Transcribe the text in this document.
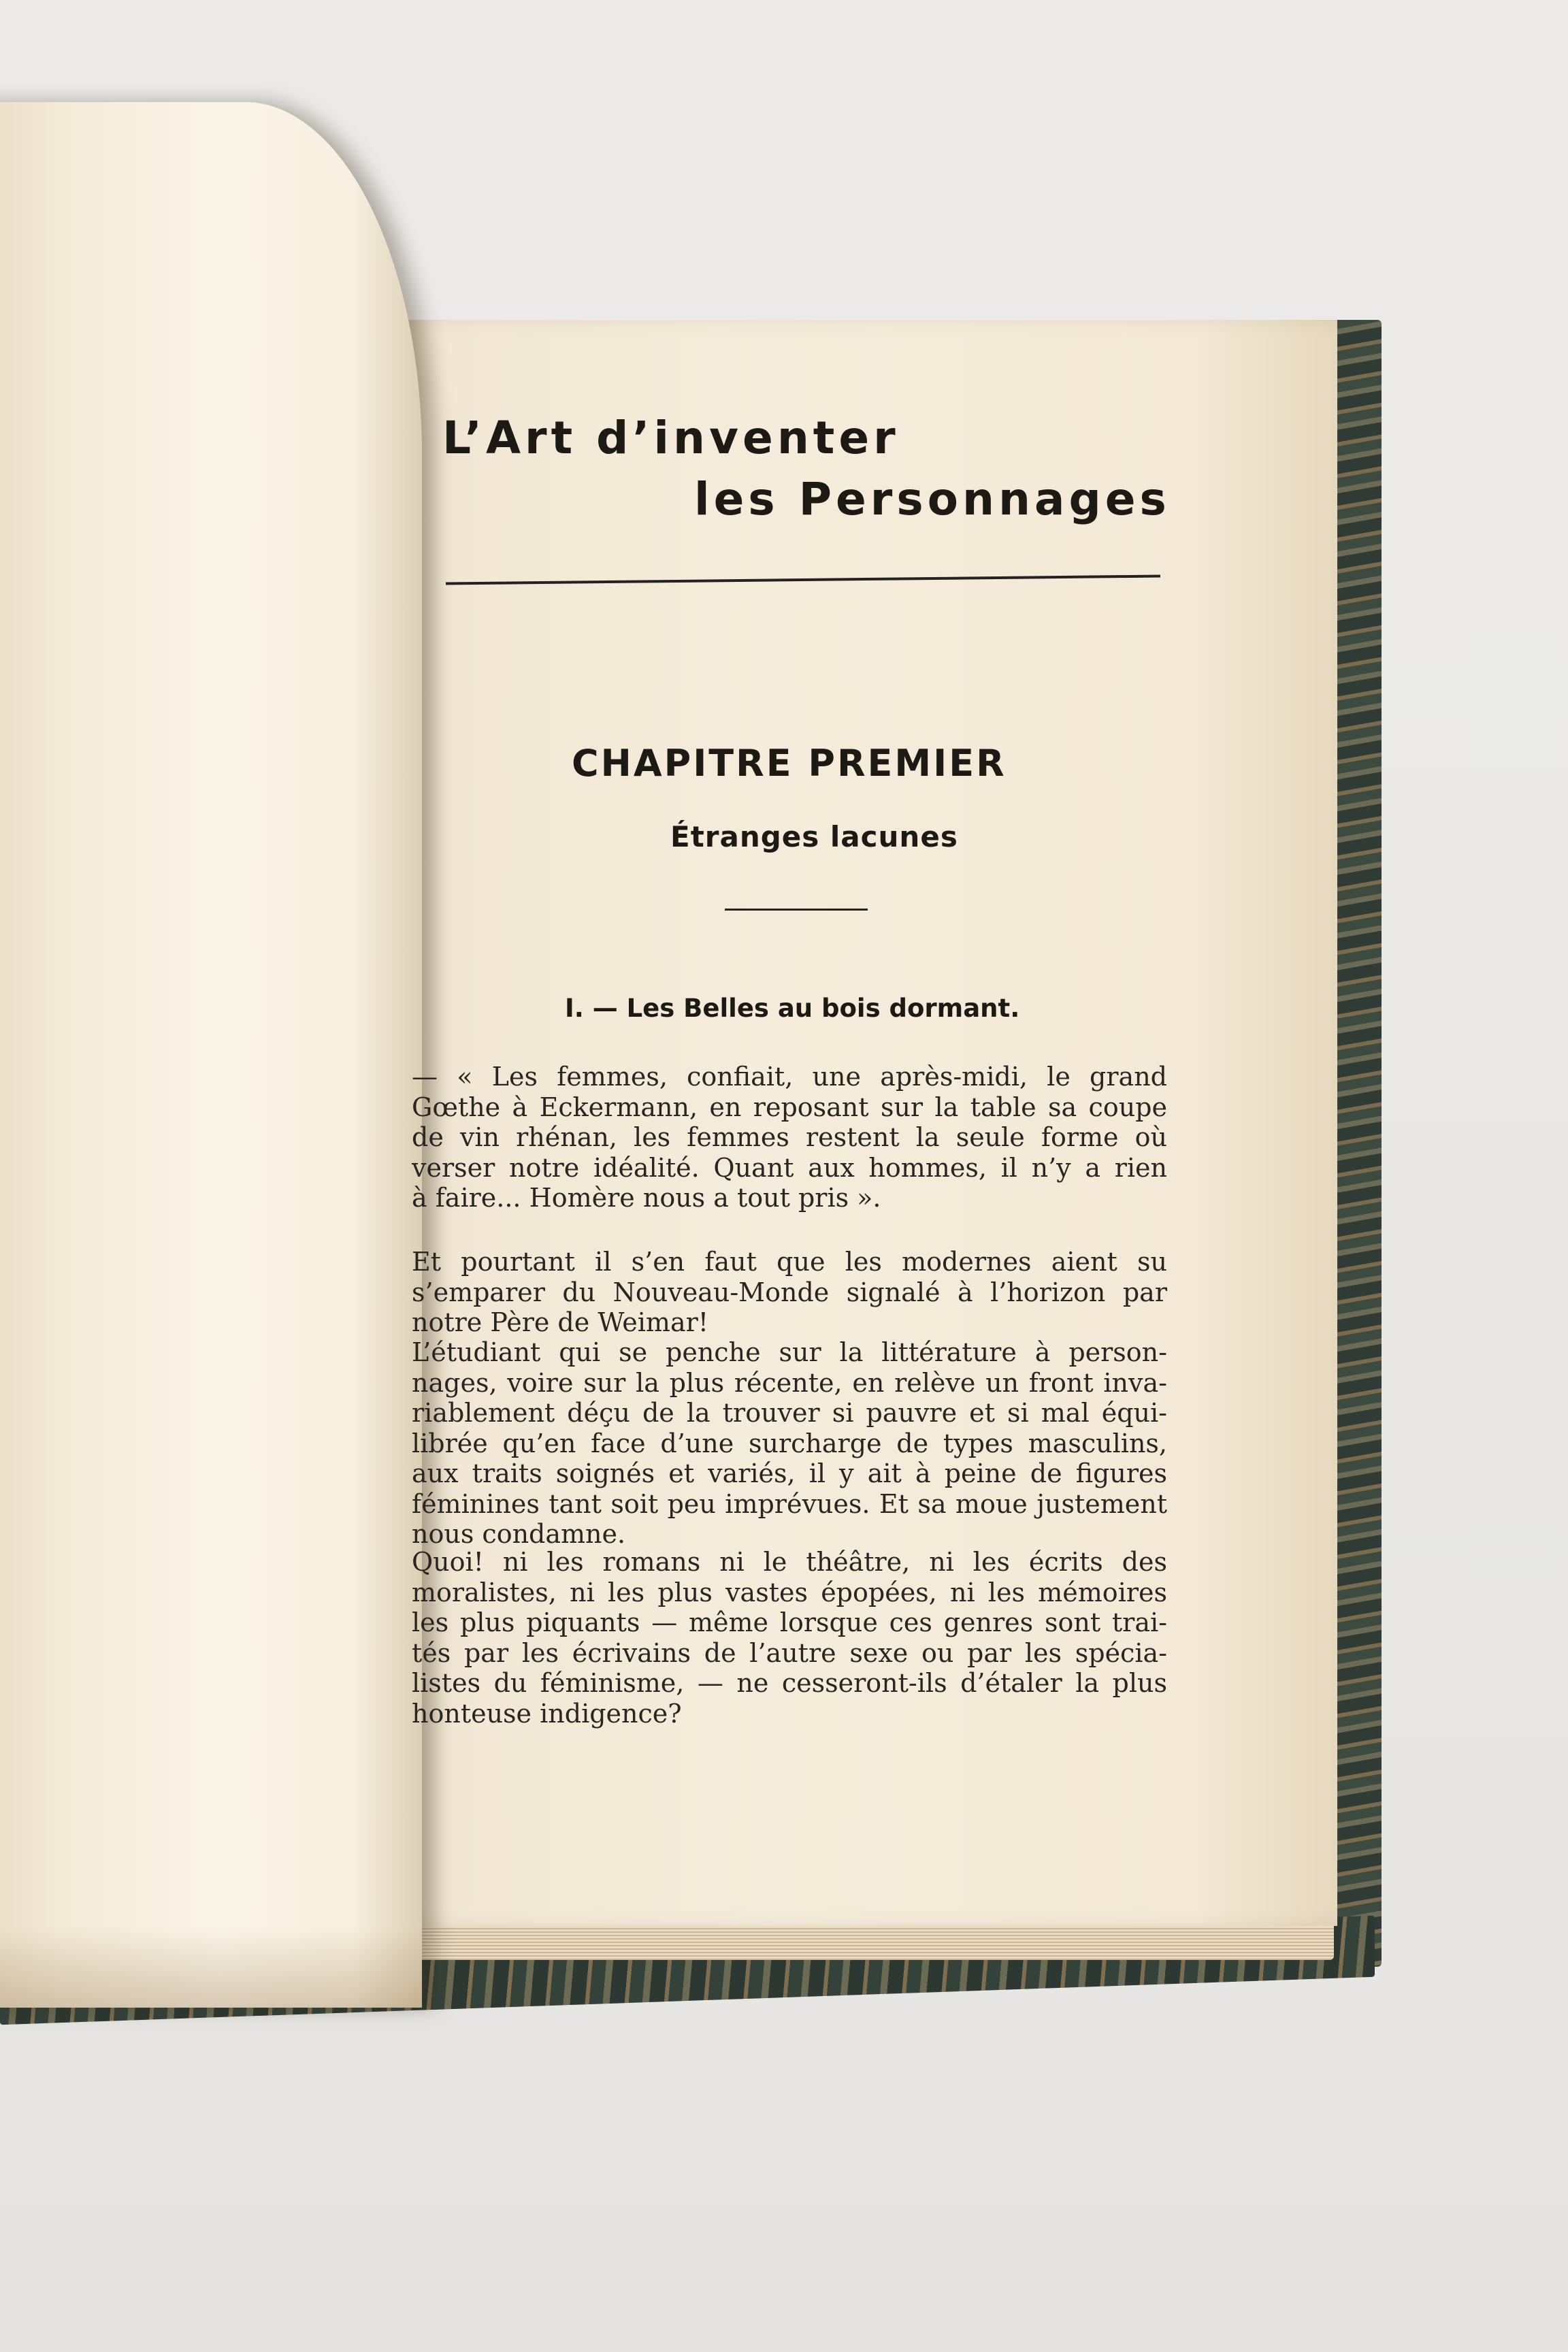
L’Art d’inventer
les Personnages
CHAPITRE PREMIER
Étranges lacunes
I. — Les Belles au bois dormant.

— « Les femmes, confiait, une après-midi, le grand

Gœthe à Eckermann, en reposant sur la table sa coupe

de vin rhénan, les femmes restent la seule forme où

verser notre idéalité. Quant aux hommes, il n’y a rien

à faire... Homère nous a tout pris ».

Et pourtant il s’en faut que les modernes aient su

s’emparer du Nouveau-Monde signalé à l’horizon par

notre Père de Weimar!

L’étudiant qui se penche sur la littérature à person-

nages, voire sur la plus récente, en relève un front inva-

riablement déçu de la trouver si pauvre et si mal équi-

librée qu’en face d’une surcharge de types masculins,

aux traits soignés et variés, il y ait à peine de figures

féminines tant soit peu imprévues. Et sa moue justement

nous condamne.

Quoi! ni les romans ni le théâtre, ni les écrits des

moralistes, ni les plus vastes épopées, ni les mémoires

les plus piquants — même lorsque ces genres sont trai-

tés par les écrivains de l’autre sexe ou par les spécia-

listes du féminisme, — ne cesseront-ils d’étaler la plus

honteuse indigence?
